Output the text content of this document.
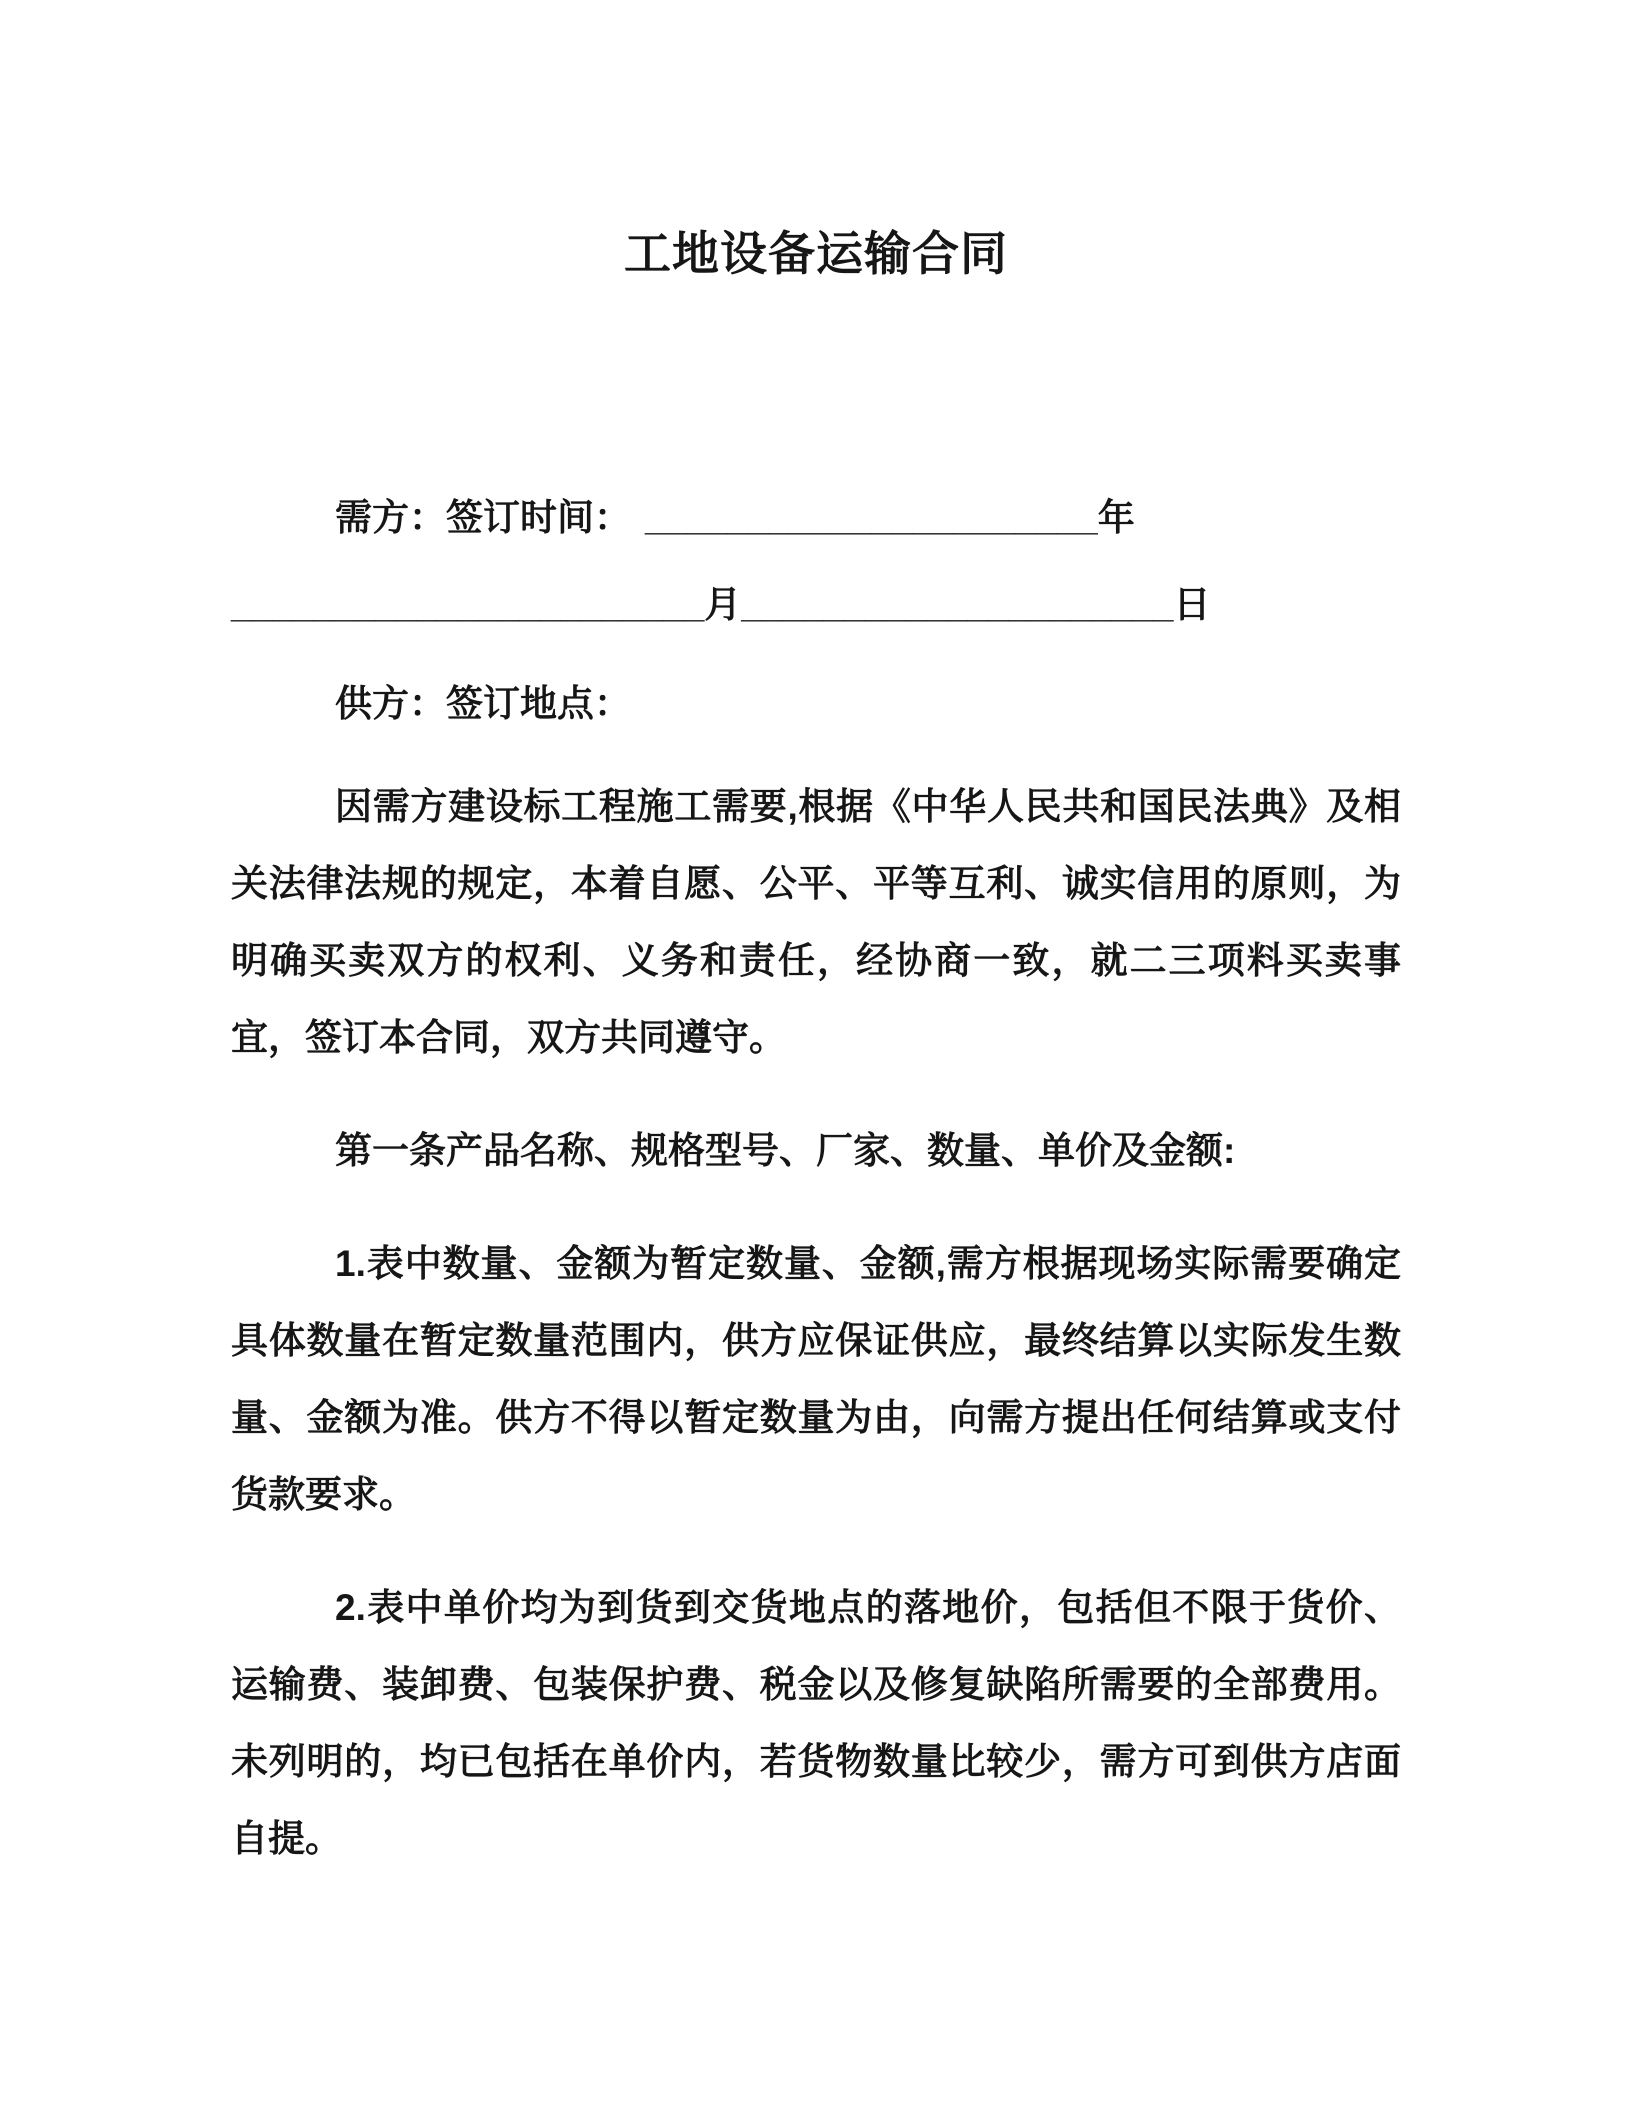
工地设备运输合同
需方：签订时间： ______________________年
_______________________月_____________________日
供方：签订地点：

因需方建设标工程施工需要,根据《中华人民共和国民法典》及相关法律法规的规定，本着自愿、公平、平等互利、诚实信用的原则，为明确买卖双方的权利、义务和责任，经协商一致，就二三项料买卖事宜，签订本合同，双方共同遵守。

第一条产品名称、规格型号、厂家、数量、单价及金额:

1.表中数量、金额为暂定数量、金额,需方根据现场实际需要确定具体数量在暂定数量范围内，供方应保证供应，最终结算以实际发生数量、金额为准。供方不得以暂定数量为由，向需方提出任何结算或支付货款要求。

2.表中单价均为到货到交货地点的落地价，包括但不限于货价、运输费、装卸费、包装保护费、税金以及修复缺陷所需要的全部费用。未列明的，均已包括在单价内，若货物数量比较少，需方可到供方店面自提。
